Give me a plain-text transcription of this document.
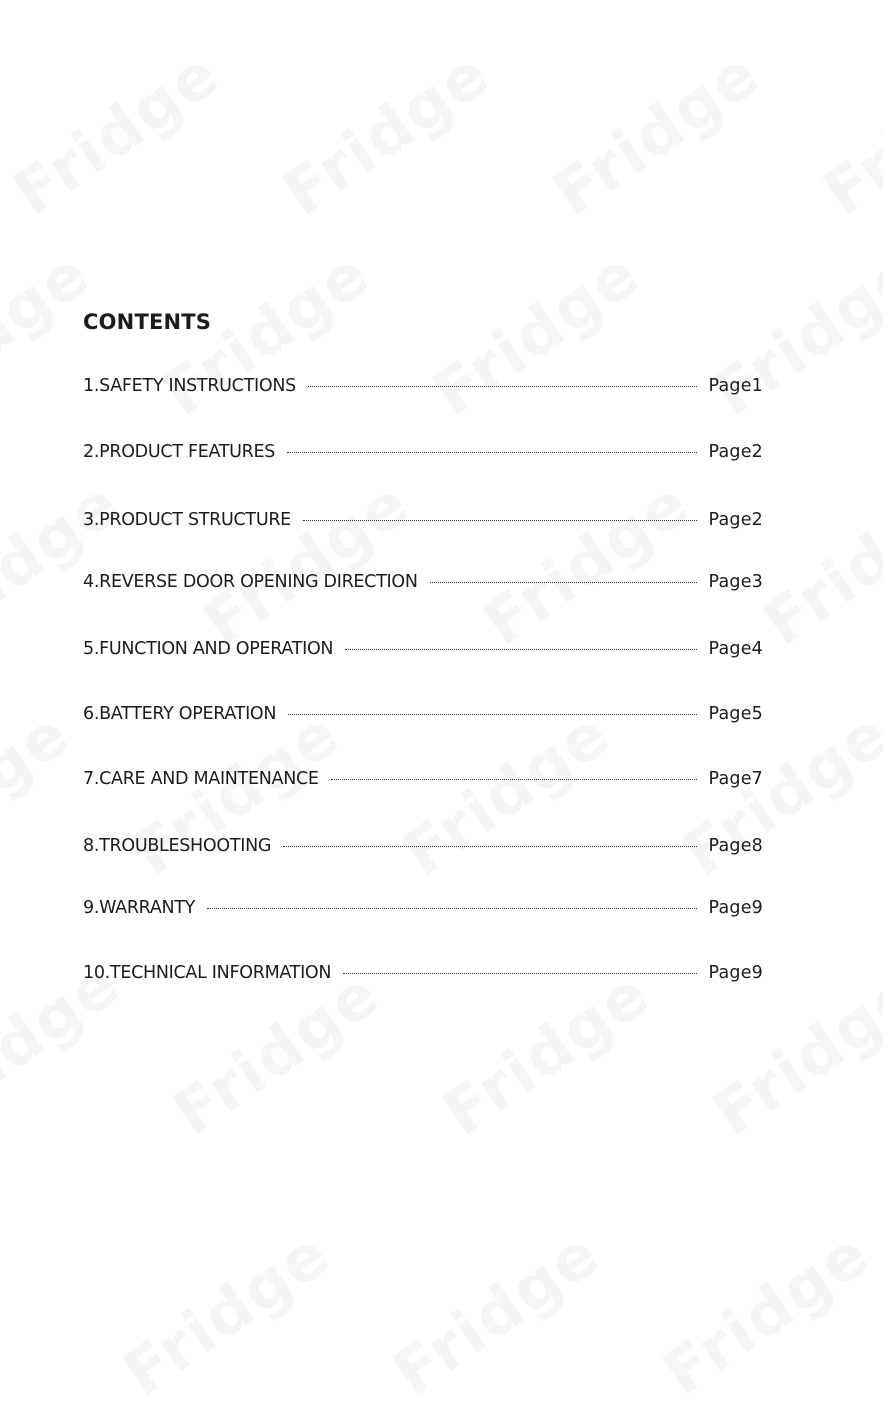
CONTENTS
1.SAFETY INSTRUCTIONS	Page1
2.PRODUCT FEATURES	Page2
3.PRODUCT STRUCTURE	Page2
4.REVERSE DOOR OPENING DIRECTION	Page3
5.FUNCTION AND OPERATION	Page4
6.BATTERY OPERATION	Page5
7.CARE AND MAINTENANCE	Page7
8.TROUBLESHOOTING	Page8
9.WARRANTY	Page9
10.TECHNICAL INFORMATION	Page9
